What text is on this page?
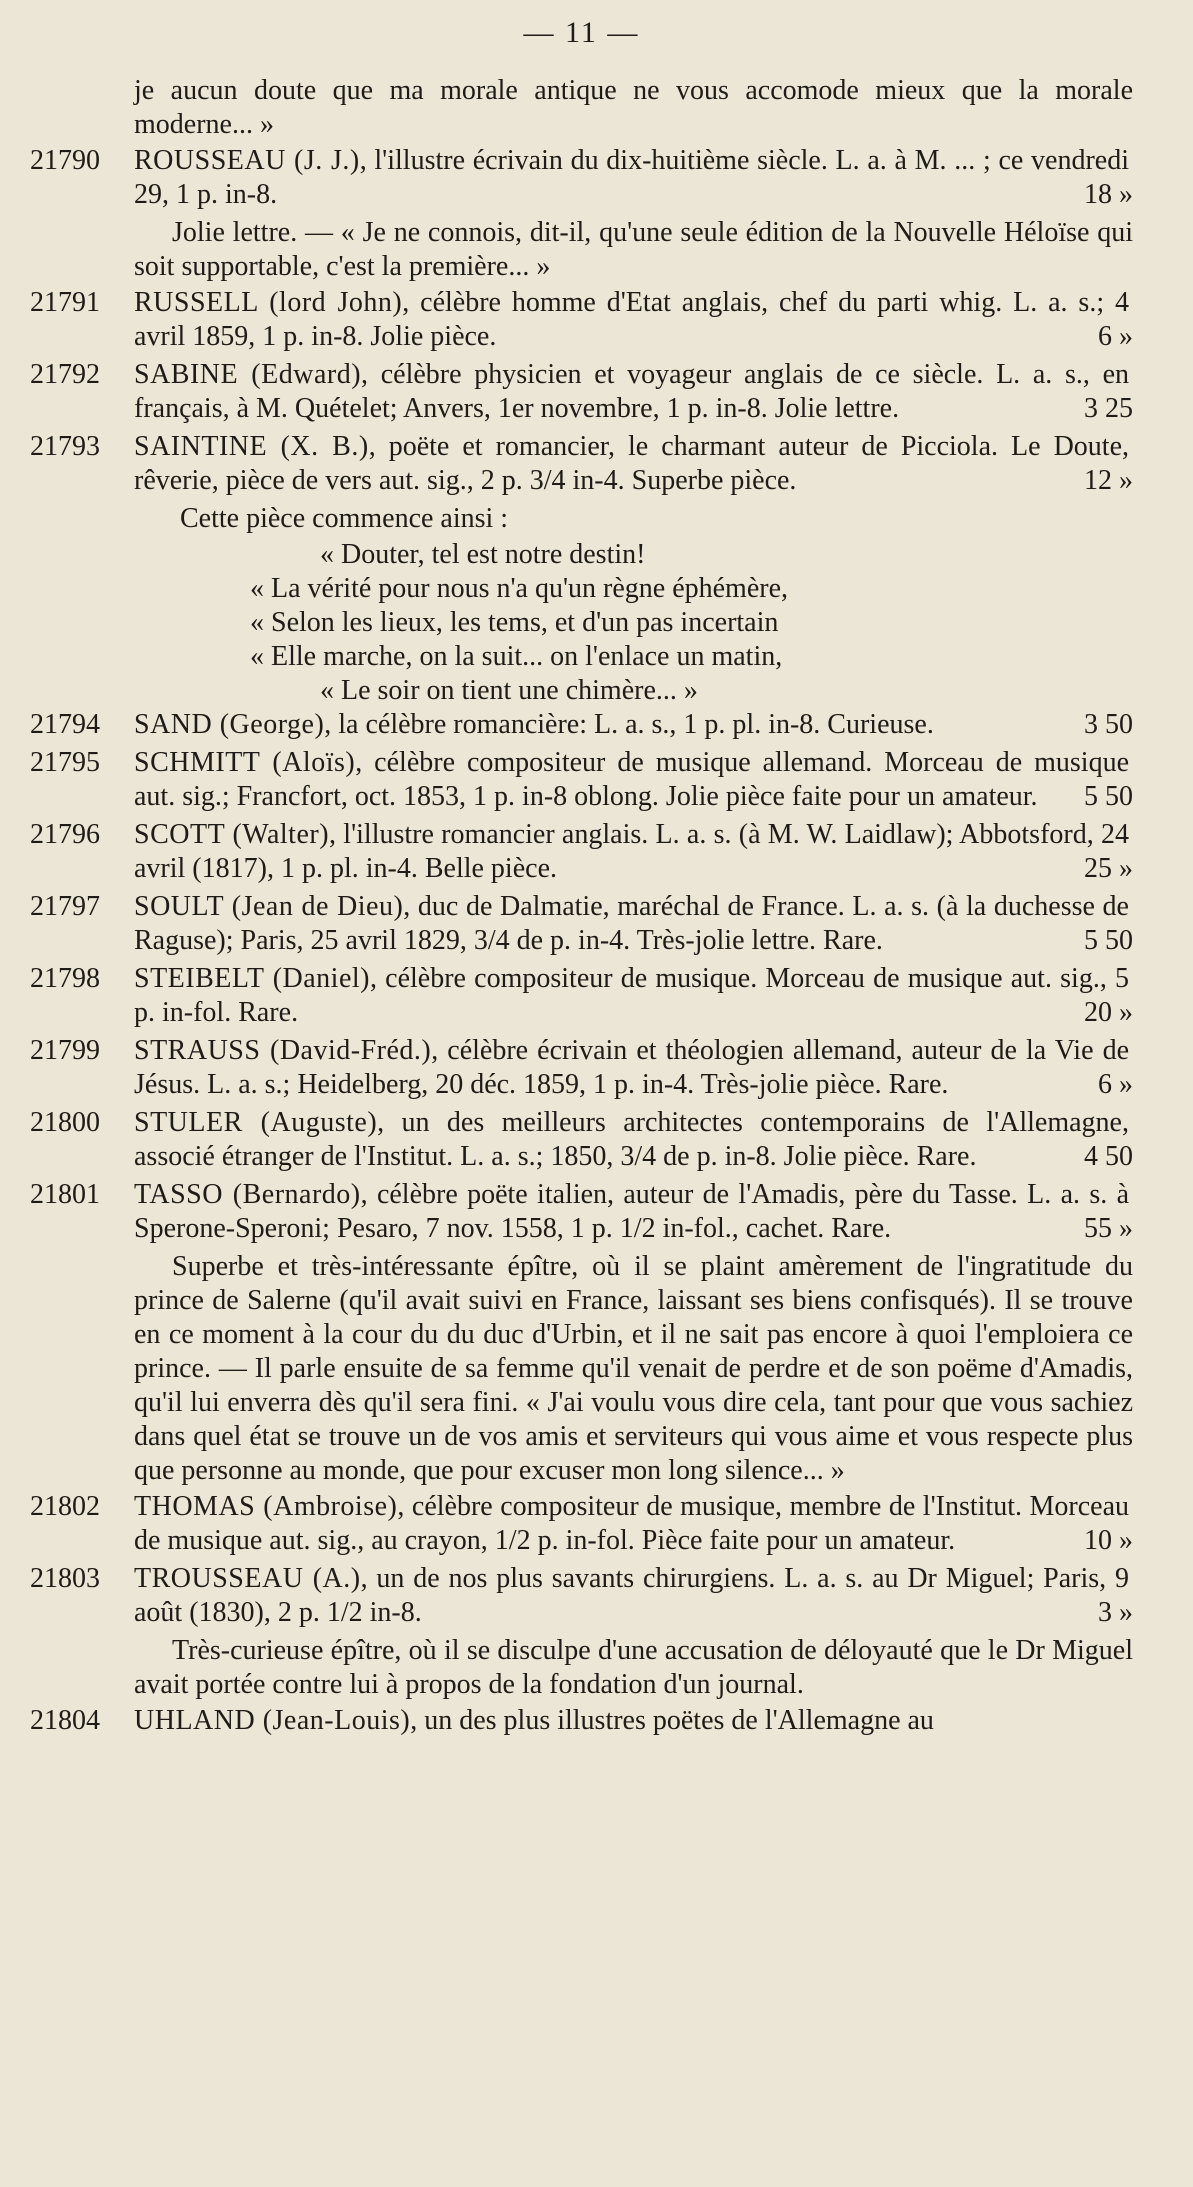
— 11 —
je aucun doute que ma morale antique ne vous accomode mieux que la morale moderne... »
21790	ROUSSEAU (J. J.), l'illustre écrivain du dix-huitième siècle. L. a. à M. ... ; ce vendredi 29, 1 p. in-8.	18 »
Jolie lettre. — « Je ne connois, dit-il, qu'une seule édition de la Nouvelle Héloïse qui soit supportable, c'est la première... »
21791	RUSSELL (lord John), célèbre homme d'Etat anglais, chef du parti whig. L. a. s.; 4 avril 1859, 1 p. in-8. Jolie pièce.	6 »
21792	SABINE (Edward), célèbre physicien et voyageur anglais de ce siècle. L. a. s., en français, à M. Quételet; Anvers, 1er novembre, 1 p. in-8. Jolie lettre.	3 25
21793	SAINTINE (X. B.), poëte et romancier, le charmant auteur de Picciola. Le Doute, rêverie, pièce de vers aut. sig., 2 p. 3/4 in-4. Superbe pièce.	12 »
Cette pièce commence ainsi :
« Douter, tel est notre destin!
« La vérité pour nous n'a qu'un règne éphémère,
« Selon les lieux, les tems, et d'un pas incertain
« Elle marche, on la suit... on l'enlace un matin,
« Le soir on tient une chimère... »
21794	SAND (George), la célèbre romancière: L. a. s., 1 p. pl. in-8. Curieuse.	3 50
21795	SCHMITT (Aloïs), célèbre compositeur de musique allemand. Morceau de musique aut. sig.; Francfort, oct. 1853, 1 p. in-8 oblong. Jolie pièce faite pour un amateur. 5 50
21796	SCOTT (Walter), l'illustre romancier anglais. L. a. s. (à M. W. Laidlaw); Abbotsford, 24 avril (1817), 1 p. pl. in-4. Belle pièce.	25 »
21797	SOULT (Jean de Dieu), duc de Dalmatie, maréchal de France. L. a. s. (à la duchesse de Raguse); Paris, 25 avril 1829, 3/4 de p. in-4. Très-jolie lettre. Rare.	5 50
21798	STEIBELT (Daniel), célèbre compositeur de musique. Morceau de musique aut. sig., 5 p. in-fol. Rare.	20 »
21799	STRAUSS (David-Fréd.), célèbre écrivain et théologien allemand, auteur de la Vie de Jésus. L. a. s.; Heidelberg, 20 déc. 1859, 1 p. in-4. Très-jolie pièce. Rare.	6 »
21800	STULER (Auguste), un des meilleurs architectes contemporains de l'Allemagne, associé étranger de l'Institut. L. a. s.; 1850, 3/4 de p. in-8. Jolie pièce. Rare.	4 50
21801	TASSO (Bernardo), célèbre poëte italien, auteur de l'Amadis, père du Tasse. L. a. s. à Sperone-Speroni; Pesaro, 7 nov. 1558, 1 p. 1/2 in-fol., cachet. Rare.	55 »
Superbe et très-intéressante épître, où il se plaint amèrement de l'ingratitude du prince de Salerne (qu'il avait suivi en France, laissant ses biens confisqués). Il se trouve en ce moment à la cour du du duc d'Urbin, et il ne sait pas encore à quoi l'emploiera ce prince. — Il parle ensuite de sa femme qu'il venait de perdre et de son poëme d'Amadis, qu'il lui enverra dès qu'il sera fini. « J'ai voulu vous dire cela, tant pour que vous sachiez dans quel état se trouve un de vos amis et serviteurs qui vous aime et vous respecte plus que personne au monde, que pour excuser mon long silence... »
21802	THOMAS (Ambroise), célèbre compositeur de musique, membre de l'Institut. Morceau de musique aut. sig., au crayon, 1/2 p. in-fol. Pièce faite pour un amateur.	10 »
21803	TROUSSEAU (A.), un de nos plus savants chirurgiens. L. a. s. au Dr Miguel; Paris, 9 août (1830), 2 p. 1/2 in-8.	3 »
Très-curieuse épître, où il se disculpe d'une accusation de déloyauté que le Dr Miguel avait portée contre lui à propos de la fondation d'un journal.
21804	UHLAND (Jean-Louis), un des plus illustres poëtes de l'Allemagne au
